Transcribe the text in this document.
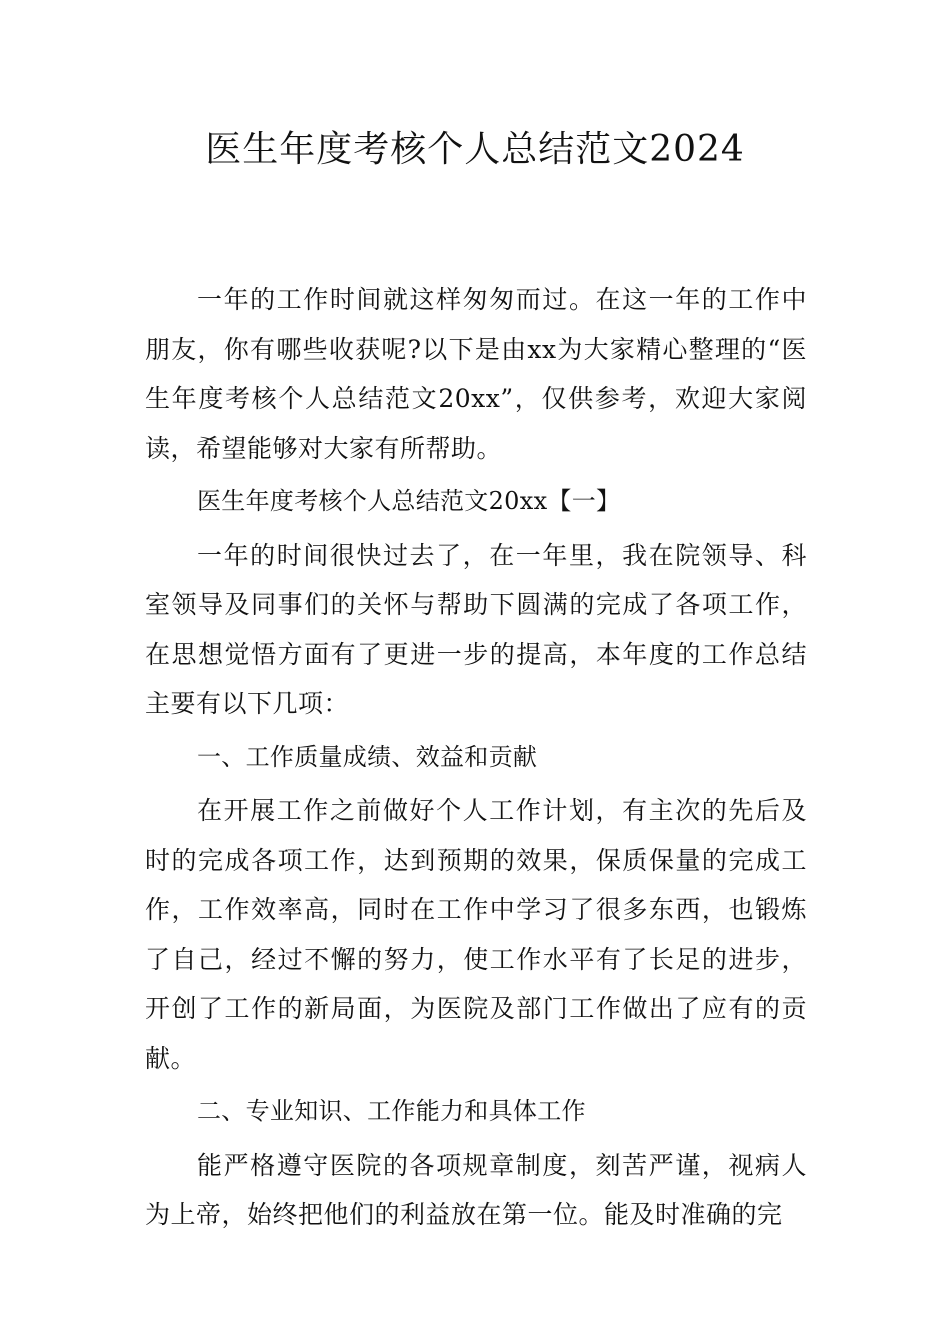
医生年度考核个人总结范文2024

一年的工作时间就这样匆匆而过。在这一年的工作中朋友，你有哪些收获呢?以下是由xx为大家精心整理的“医生年度考核个人总结范文20xx”，仅供参考，欢迎大家阅读，希望能够对大家有所帮助。

医生年度考核个人总结范文20xx【一】

一年的时间很快过去了，在一年里，我在院领导、科室领导及同事们的关怀与帮助下圆满的完成了各项工作，在思想觉悟方面有了更进一步的提高，本年度的工作总结主要有以下几项：

一、工作质量成绩、效益和贡献

在开展工作之前做好个人工作计划，有主次的先后及时的完成各项工作，达到预期的效果，保质保量的完成工作，工作效率高，同时在工作中学习了很多东西，也锻炼了自己，经过不懈的努力，使工作水平有了长足的进步，开创了工作的新局面，为医院及部门工作做出了应有的贡献。

二、专业知识、工作能力和具体工作

能严格遵守医院的各项规章制度，刻苦严谨，视病人为上帝，始终把他们的利益放在第一位。能及时准确的完
